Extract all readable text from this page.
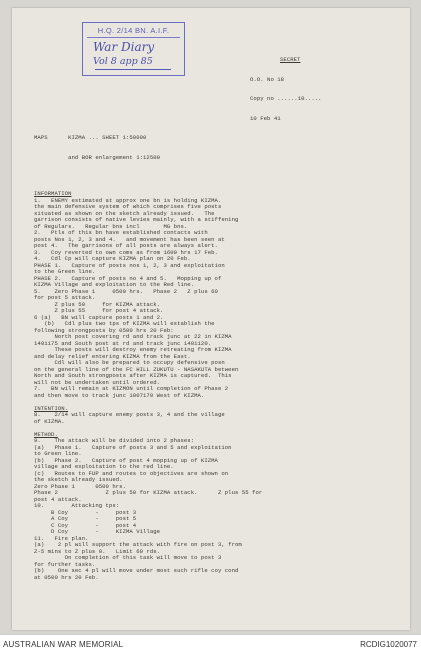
H.Q. 2/14 BN. A.I.F.
War Diary
Vol 8 app 85

	SECRET

O.O. No 18

Copy no ......10.....

10 Feb 41

MAPS      KIZMA ... SHEET 1:50000

and BOR enlargement 1:12500

INFORMATION
1.   ENEMY estimated at approx one bn is holding KIZMA.
the main defensive system of which comprises five posts
situated as shown on the sketch already issued.   The
garrison consists of native levies mainly, with a stiffening
of Regulars.   Regular bns incl       MG bns.
2.   Ptls of this bn have established contacts with
posts Nos 1, 2, 3 and 4.   and movement has been seen at
post 4.   The garrisons of all posts are always alert.
3.   Coy reverted to own coms as from 1600 hrs 17 Feb.
4.   Cdl Cp will capture KIZMA plan on 20 Feb.
PHASE 1.   Capture of posts nos 1, 2, 3 and exploitation
to the Green line.
PHASE 2.   Capture of posts no 4 and 5.   Mopping up of
KIZMA Village and exploitation to the Red line.
5.    Zero Phase 1     0500 hrs.   Phase 2   Z plus 60
for post 5 attack.
Z plus 50     for KIZMA attack.
Z plus 55     for post 4 attack.
6 (a)   BN will capture posts 1 and 2.
(b)   Cdl plus two tps of KIZMA will establish the
following strongposts by 0500 hrs 20 Feb:
North post covering rd and track junc at 22 in KIZMA
1401175 and South post at rd and track junc 1401120.
These posts will destroy enemy retreating from KIZMA
and delay relief entering KIZMA from the East.
Cdl will also be prepared to occupy defensive posn
on the general line of the FC HILL ZUKUTU - NASAKUTA between
North and South strongposts after KIZMA is captured.  This
will not be undertaken until ordered.
7.   BN will remain at KIZMON until completion of Phase 2
and then move to track junc 1007170 West of KIZMA.
INTENTION.
8.    2/14 will capture enemy posts 3, 4 and the village
of KIZMA.
METHOD.
9.    The attack will be divided into 2 phases:
(a)   Phase 1.   Capture of posts 3 and 5 and exploitation
to Green line.
(b)   Phase 2.   Capture of post 4 mopping up of KIZMA
village and exploitation to the red line.
(c)   Routes to FUP and routes to objectives are shown on
the sketch already issued.
Zero Phase 1      0500 hrs.
Phase 2              Z plus 50 for KIZMA attack.      Z plus 55 for
post 4 attack.
10.        Attacking tps:
B Coy        -     post 3
A Coy        -     post 5
C Coy        -     post 4
D Coy        -     KIZMA Village
11.   Fire plan.
(a)    2 pl will support the attack with fire on post 3, from
Z-5 mins to Z plus 0.   Limit 60 rds.
On completion of this task will move to post 3
for further tasks.
(b)    One sec 4 pl will move under most such rifle coy cond
at 0500 hrs 20 Feb.

AUSTRALIAN WAR MEMORIAL	RCDIG1020077
